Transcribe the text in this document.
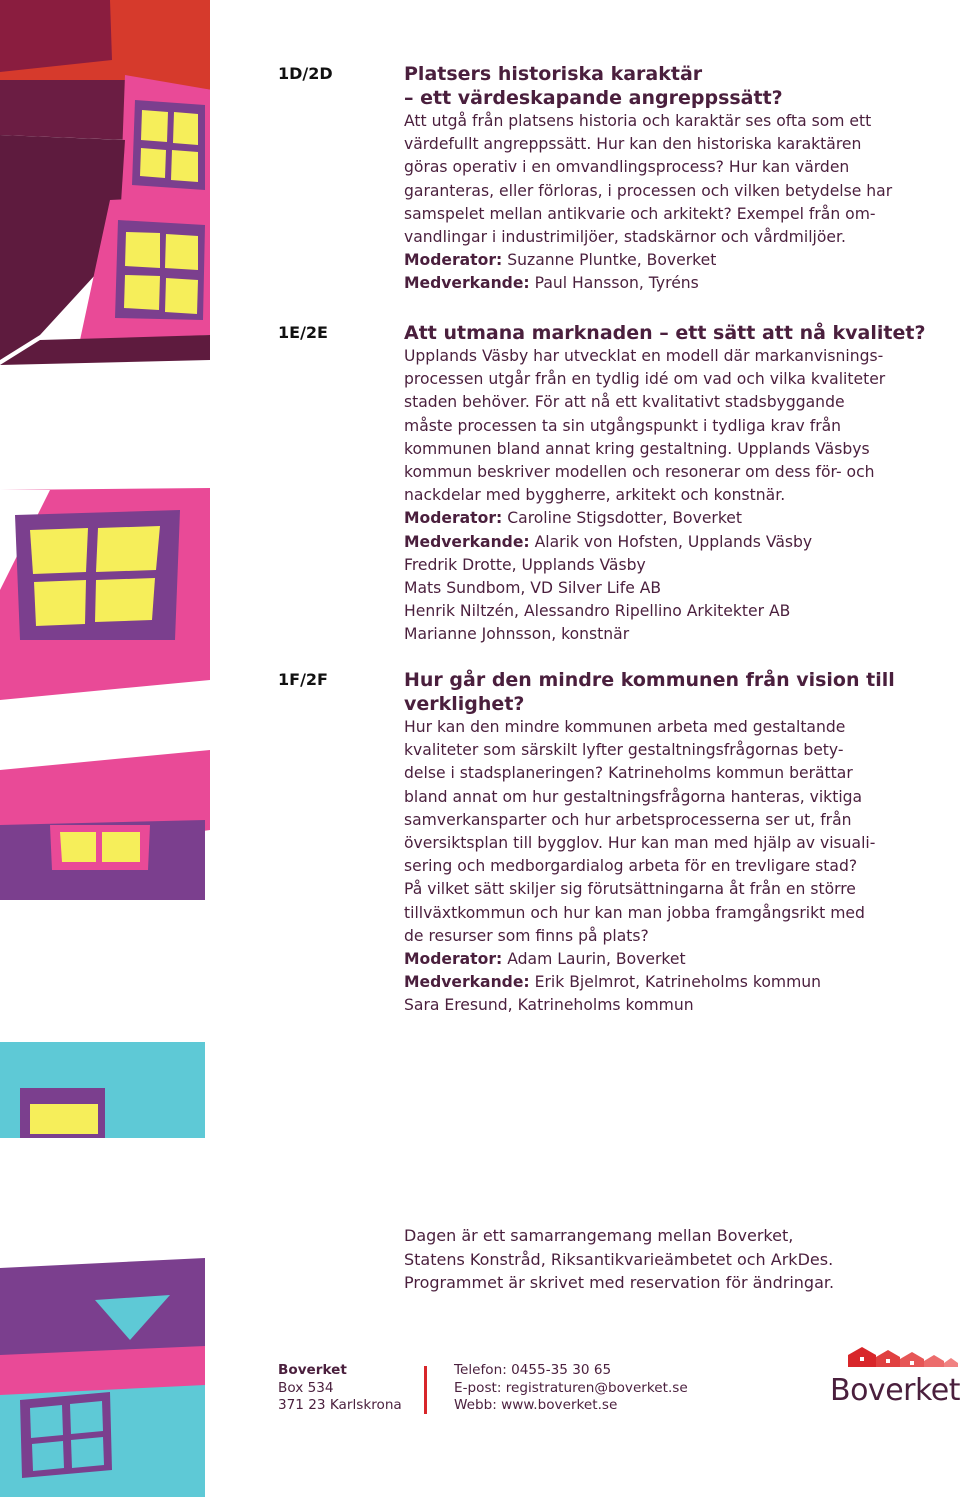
1D/2D	Platsers historiska karaktär
– ett värdeskapande angreppssätt?

Att utgå från platsens historia och karaktär ses ofta som ett
värdefullt angreppssätt. Hur kan den historiska karaktären
göras operativ i en omvandlingsprocess? Hur kan värden
garanteras, eller förloras, i processen och vilken betydelse har
samspelet mellan antikvarie och arkitekt? Exempel från om-
vandlingar i industrimiljöer, stadskärnor och vårdmiljöer.

Moderator: Suzanne Pluntke, Boverket

Medverkande: Paul Hansson, Tyréns

1E/2E	Att utmana marknaden – ett sätt att nå kvalitet?

Upplands Väsby har utvecklat en modell där markanvisnings-
processen utgår från en tydlig idé om vad och vilka kvaliteter
staden behöver. För att nå ett kvalitativt stadsbyggande
måste processen ta sin utgångspunkt i tydliga krav från
kommunen bland annat kring gestaltning. Upplands Väsbys
kommun beskriver modellen och resonerar om dess för- och
nackdelar med byggherre, arkitekt och konstnär.

Moderator: Caroline Stigsdotter, Boverket

Medverkande: Alarik von Hofsten, Upplands Väsby

Fredrik Drotte, Upplands Väsby

Mats Sundbom, VD Silver Life AB

Henrik Niltzén, Alessandro Ripellino Arkitekter AB

Marianne Johnsson, konstnär

1F/2F	Hur går den mindre kommunen från vision till
verklighet?

Hur kan den mindre kommunen arbeta med gestaltande
kvaliteter som särskilt lyfter gestaltningsfrågornas bety-
delse i stadsplaneringen? Katrineholms kommun berättar
bland annat om hur gestaltningsfrågorna hanteras, viktiga
samverkansparter och hur arbetsprocesserna ser ut, från
översiktsplan till bygglov. Hur kan man med hjälp av visuali-
sering och medborgardialog arbeta för en trevligare stad?
På vilket sätt skiljer sig förutsättningarna åt från en större
tillväxtkommun och hur kan man jobba framgångsrikt med
de resurser som finns på plats?

Moderator: Adam Laurin, Boverket

Medverkande: Erik Bjelmrot, Katrineholms kommun

Sara Eresund, Katrineholms kommun

Dagen är ett samarrangemang mellan Boverket,
Statens Konstråd, Riksantikvarieämbetet och ArkDes.
Programmet är skrivet med reservation för ändringar.
Boverket
Box 534
371 23 Karlskrona
Telefon: 0455-35 30 65
E-post: registraturen@boverket.se
Webb: www.boverket.se	Boverket
